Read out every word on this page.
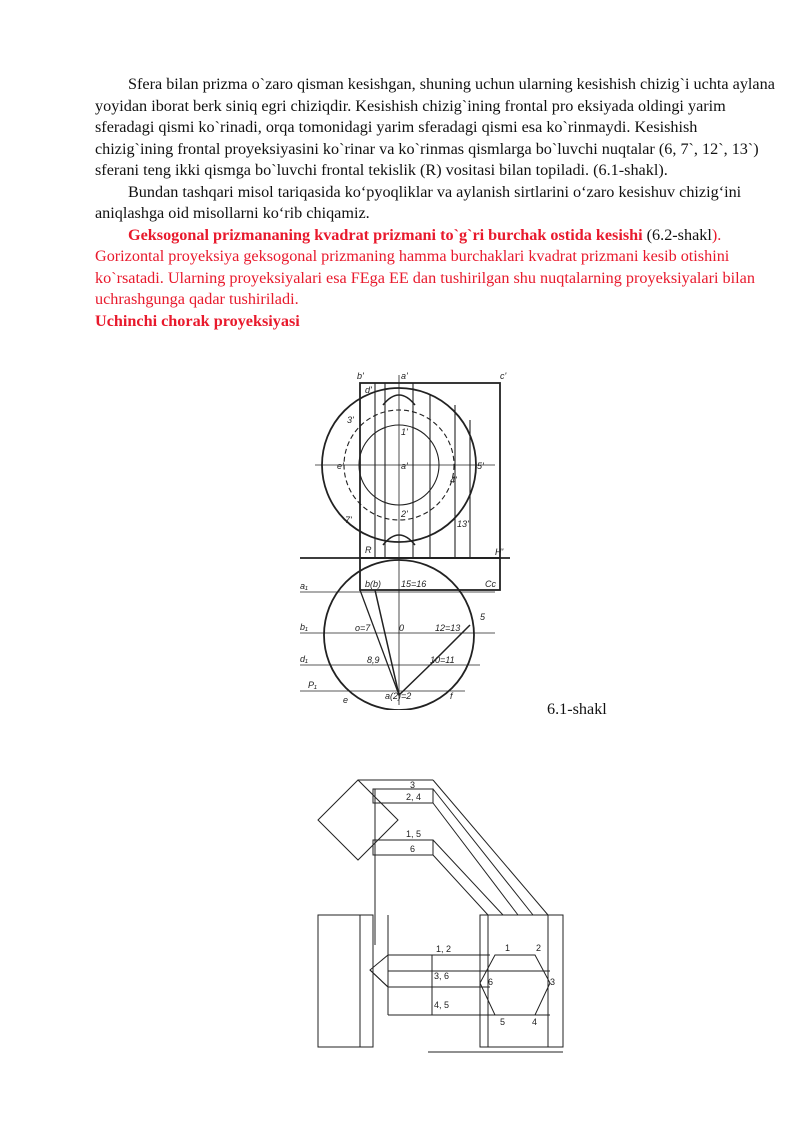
Sfera bilan prizma o`zaro qisman kesishgan, shuning uchun ularning kesishish chizig`i uchta aylana yoyidan iborat berk siniq egri chiziqdir. Kesishish chizig`ining frontal pro eksiyada oldingi yarim sferadagi qismi ko`rinadi, orqa tomonidagi yarim sferadagi qismi esa ko`rinmaydi. Kesishish chizig`ining frontal proyeksiyasini ko`rinar va ko`rinmas qismlarga bo`luvchi nuqtalar (6, 7`, 12`, 13`) sferani teng ikki qismga bo`luvchi frontal tekislik (R) vositasi bilan topiladi. (6.1-shakl).

Bundan tashqari misol tariqasida ko‘pyoqliklar va aylanish sirtlarini o‘zaro kesishuv chizig‘ini aniqlashga oid misollarni ko‘rib chiqamiz.

Geksogonal prizmananing kvadrat prizmani to`g`ri burchak ostida kesishi (6.2-shakl). Gorizontal proyeksiya geksogonal prizmaning hamma burchaklari kvadrat prizmani kesib otishini ko`rsatadi. Ularning proyeksiyalari esa FEga EE dan tushirilgan shu nuqtalarning proyeksiyalari bilan uchrashgunga qadar tushiriladi.

Uchinchi chorak proyeksiyasi

b'	a'	c'
d'
3'
1'
e'	a'	5'
4'
2'
7'	13'
R	H'
b(b) 15=16	Cc
5
o=7	0	12=13
8,9	10=11
a(2)=2
e	f
a₁
b₁
d₁
P₁
6.1-shakl
3
2, 4
1, 5
6
1, 2
3, 6
4, 5
1	2
3
4
5
6
